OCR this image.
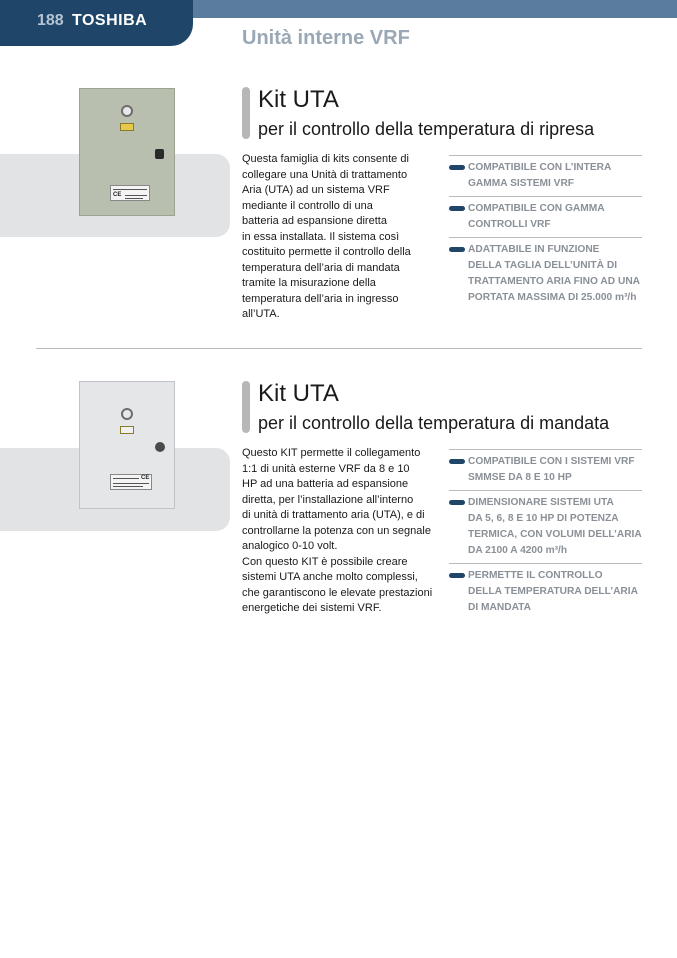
188 TOSHIBA
Unità interne VRF
CE
Kit UTA
per il controllo della temperatura di ripresa

Questa famiglia di kits consente di

collegare una Unità di trattamento

Aria (UTA) ad un sistema VRF

mediante il controllo di una

batteria ad espansione diretta

in essa installata. Il sistema così

costituito permette il controllo della

temperatura dell’aria di mandata

tramite la misurazione della

temperatura dell’aria in ingresso

all’UTA.

COMPATIBILE CON L’INTERA

GAMMA SISTEMI VRF

COMPATIBILE CON GAMMA

CONTROLLI VRF

ADATTABILE IN FUNZIONE

DELLA TAGLIA DELL’UNITÀ DI

TRATTAMENTO ARIA FINO AD UNA

PORTATA MASSIMA DI 25.000 m³/h

CE
Kit UTA
per il controllo della temperatura di mandata

Questo KIT permette il collegamento

1:1 di unità esterne VRF da 8 e 10

HP ad una batteria ad espansione

diretta, per l’installazione all’interno

di unità di trattamento aria (UTA), e di

controllarne la potenza con un segnale

analogico 0-10 volt.

Con questo KIT è possibile creare

sistemi UTA anche molto complessi,

che garantiscono le elevate prestazioni

energetiche dei sistemi VRF.

COMPATIBILE CON I SISTEMI VRF

SMMSE DA 8 E 10 HP

DIMENSIONARE SISTEMI UTA

DA 5, 6, 8 E 10 HP DI POTENZA

TERMICA, CON VOLUMI DELL’ARIA

DA 2100 A 4200 m³/h

PERMETTE IL CONTROLLO

DELLA TEMPERATURA DELL’ARIA

DI MANDATA
